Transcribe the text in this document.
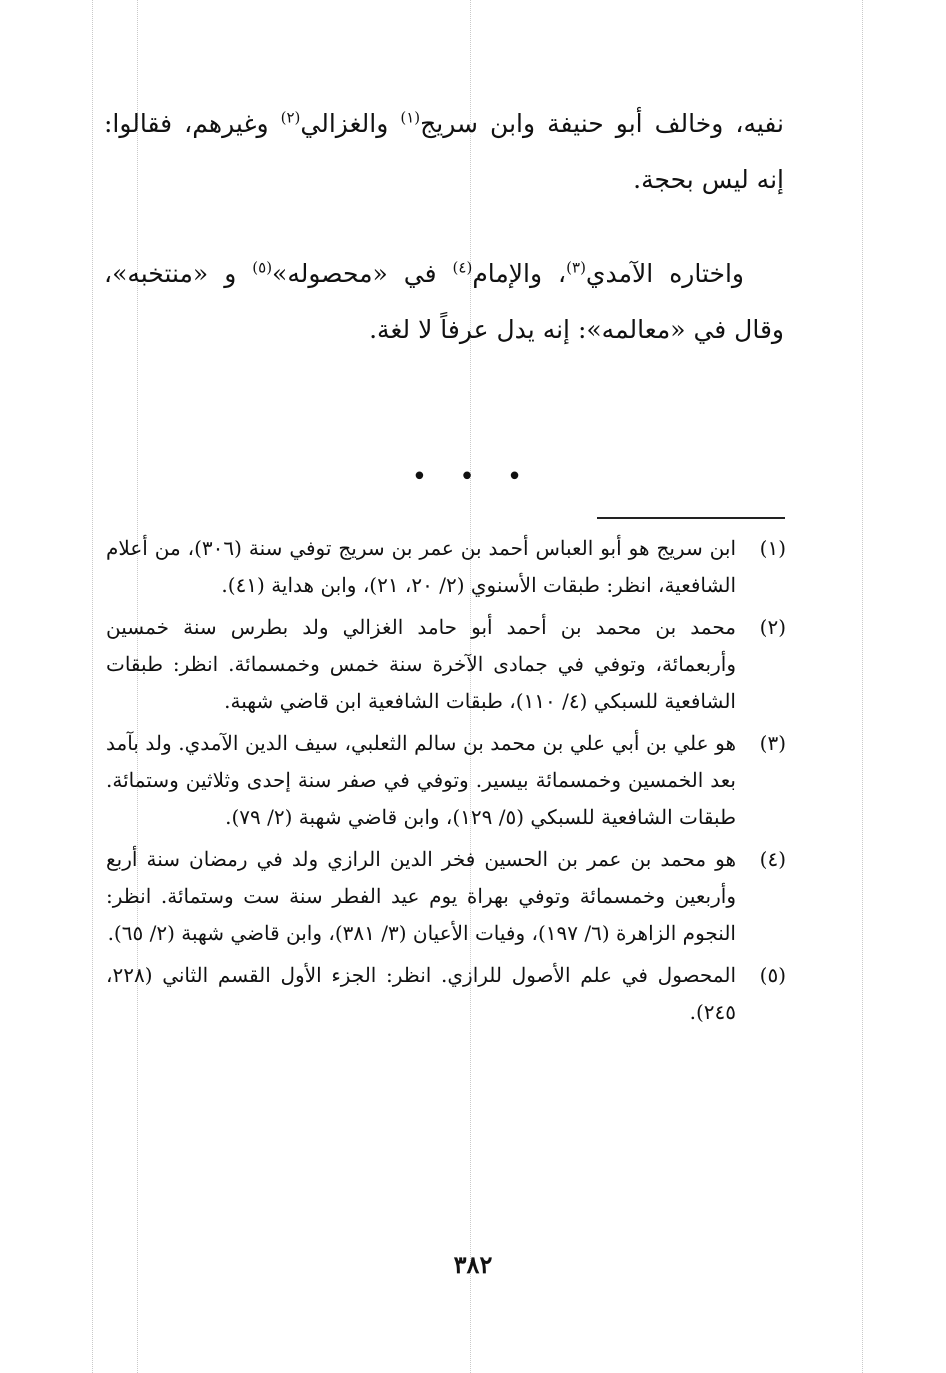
نفيه، وخالف أبو حنيفة وابن سريج$^{(١)}$ والغزالي$^{(٢)}$ وغيرهم، فقالوا: إنه ليس بحجة.
واختاره الآمدي$^{(٣)}$، والإمام$^{(٤)}$ في «محصوله»$^{(٥)}$ و «منتخبه»، وقال في «معالمه»: إنه يدل عرفاً لا لغة.
• • •
(١)
ابن سريج هو أبو العباس أحمد بن عمر بن سريج توفي سنة (٣٠٦)، من أعلام الشافعية، انظر: طبقات الأسنوي (٢/ ٢٠، ٢١)، وابن هداية (٤١).
(٢)
محمد بن محمد بن أحمد أبو حامد الغزالي ولد بطرس سنة خمسين وأربعمائة، وتوفي في جمادى الآخرة سنة خمس وخمسمائة. انظر: طبقات الشافعية للسبكي (٤/ ١١٠)، طبقات الشافعية ابن قاضي شهبة.
(٣)
هو علي بن أبي علي بن محمد بن سالم الثعلبي، سيف الدين الآمدي. ولد بآمد بعد الخمسين وخمسمائة بيسير. وتوفي في صفر سنة إحدى وثلاثين وستمائة. طبقات الشافعية للسبكي (٥/ ١٢٩)، وابن قاضي شهبة (٢/ ٧٩).
(٤)
هو محمد بن عمر بن الحسين فخر الدين الرازي ولد في رمضان سنة أربع وأربعين وخمسمائة وتوفي بهراة يوم عيد الفطر سنة ست وستمائة. انظر: النجوم الزاهرة (٦/ ١٩٧)، وفيات الأعيان (٣/ ٣٨١)، وابن قاضي شهبة (٢/ ٦٥).
(٥)
المحصول في علم الأصول للرازي. انظر: الجزء الأول القسم الثاني (٢٢٨، ٢٤٥).
٣٨٢
